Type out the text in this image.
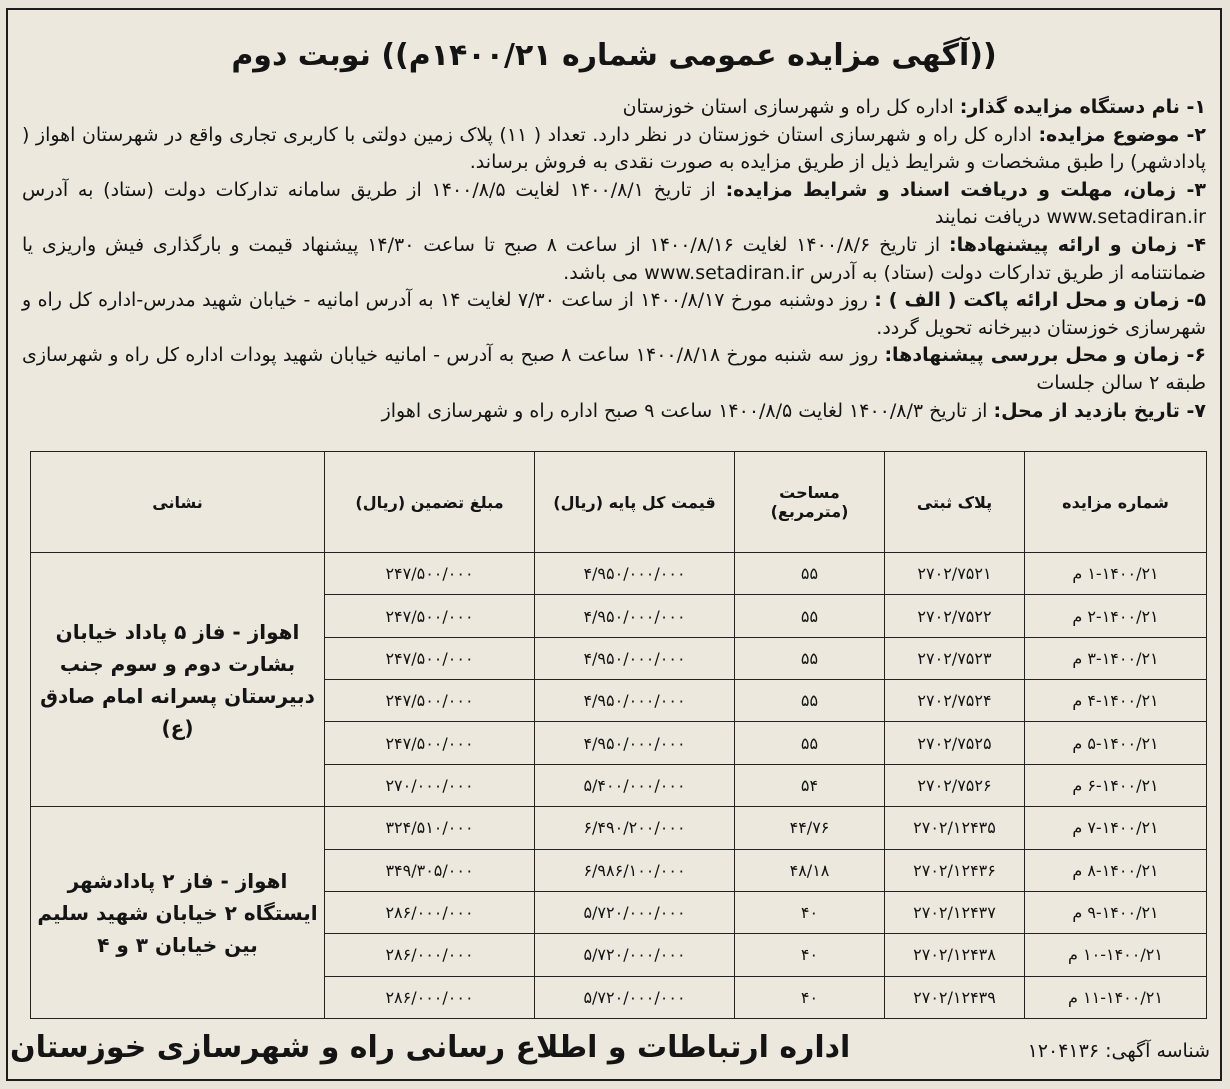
((آگهی مزایده عمومی شماره ۱۴۰۰/۲۱م)) نوبت دوم
۱- نام دستگاه مزایده گذار: اداره کل راه و شهرسازی استان خوزستان
۲- موضوع مزایده: اداره کل راه و شهرسازی استان خوزستان در نظر دارد. تعداد ( ۱۱) پلاک زمین دولتی با کاربری تجاری واقع در شهرستان اهواز ( پادادشهر) را طبق مشخصات و شرایط ذیل از طریق مزایده به صورت نقدی به فروش برساند.
۳- زمان، مهلت و دریافت اسناد و شرایط مزایده: از تاریخ ۱۴۰۰/۸/۱ لغایت ۱۴۰۰/۸/۵ از طریق سامانه تدارکات دولت (ستاد) به آدرس www.setadiran.ir دریافت نمایند
۴- زمان و ارائه پیشنهادها: از تاریخ ۱۴۰۰/۸/۶ لغایت ۱۴۰۰/۸/۱۶ از ساعت ۸ صبح تا ساعت ۱۴/۳۰ پیشنهاد قیمت و بارگذاری فیش واریزی یا ضمانتنامه از طریق تدارکات دولت (ستاد) به آدرس www.setadiran.ir می باشد.
۵- زمان و محل ارائه پاکت ( الف ) : روز دوشنبه مورخ ۱۴۰۰/۸/۱۷ از ساعت ۷/۳۰ لغایت ۱۴ به آدرس امانیه - خیابان شهید مدرس-اداره کل راه و شهرسازی خوزستان دبیرخانه تحویل گردد.
۶- زمان و محل بررسی پیشنهادها: روز سه شنبه مورخ ۱۴۰۰/۸/۱۸ ساعت ۸ صبح به آدرس - امانیه خیابان شهید پودات اداره کل راه و شهرسازی طبقه ۲ سالن جلسات
۷- تاریخ بازدید از محل: از تاریخ ۱۴۰۰/۸/۳ لغایت ۱۴۰۰/۸/۵ ساعت ۹ صبح اداره راه و شهرسازی اهواز
شماره مزایده	پلاک ثبتی	مساحت (مترمربع)	قیمت کل پایه (ریال)	مبلغ تضمین (ریال)	نشانی
۱-۱۴۰۰/۲۱ م	۲۷۰۲/۷۵۲۱	۵۵	۴/۹۵۰/۰۰۰/۰۰۰	۲۴۷/۵۰۰/۰۰۰	اهواز - فاز ۵ پاداد خیابان بشارت دوم و سوم جنب دبیرستان پسرانه امام صادق (ع)
۲-۱۴۰۰/۲۱ م	۲۷۰۲/۷۵۲۲	۵۵	۴/۹۵۰/۰۰۰/۰۰۰	۲۴۷/۵۰۰/۰۰۰	
۳-۱۴۰۰/۲۱ م	۲۷۰۲/۷۵۲۳	۵۵	۴/۹۵۰/۰۰۰/۰۰۰	۲۴۷/۵۰۰/۰۰۰	
۴-۱۴۰۰/۲۱ م	۲۷۰۲/۷۵۲۴	۵۵	۴/۹۵۰/۰۰۰/۰۰۰	۲۴۷/۵۰۰/۰۰۰	
۵-۱۴۰۰/۲۱ م	۲۷۰۲/۷۵۲۵	۵۵	۴/۹۵۰/۰۰۰/۰۰۰	۲۴۷/۵۰۰/۰۰۰	
۶-۱۴۰۰/۲۱ م	۲۷۰۲/۷۵۲۶	۵۴	۵/۴۰۰/۰۰۰/۰۰۰	۲۷۰/۰۰۰/۰۰۰	
۷-۱۴۰۰/۲۱ م	۲۷۰۲/۱۲۴۳۵	۴۴/۷۶	۶/۴۹۰/۲۰۰/۰۰۰	۳۲۴/۵۱۰/۰۰۰	اهواز - فاز ۲ پادادشهر ایستگاه ۲ خیابان شهید سلیم بین خیابان ۳ و ۴
۸-۱۴۰۰/۲۱ م	۲۷۰۲/۱۲۴۳۶	۴۸/۱۸	۶/۹۸۶/۱۰۰/۰۰۰	۳۴۹/۳۰۵/۰۰۰	
۹-۱۴۰۰/۲۱ م	۲۷۰۲/۱۲۴۳۷	۴۰	۵/۷۲۰/۰۰۰/۰۰۰	۲۸۶/۰۰۰/۰۰۰	
۱۰-۱۴۰۰/۲۱ م	۲۷۰۲/۱۲۴۳۸	۴۰	۵/۷۲۰/۰۰۰/۰۰۰	۲۸۶/۰۰۰/۰۰۰	
۱۱-۱۴۰۰/۲۱ م	۲۷۰۲/۱۲۴۳۹	۴۰	۵/۷۲۰/۰۰۰/۰۰۰	۲۸۶/۰۰۰/۰۰۰	
اداره ارتباطات و اطلاع رسانی راه و شهرسازی خوزستان	شناسه آگهی: ۱۲۰۴۱۳۶
